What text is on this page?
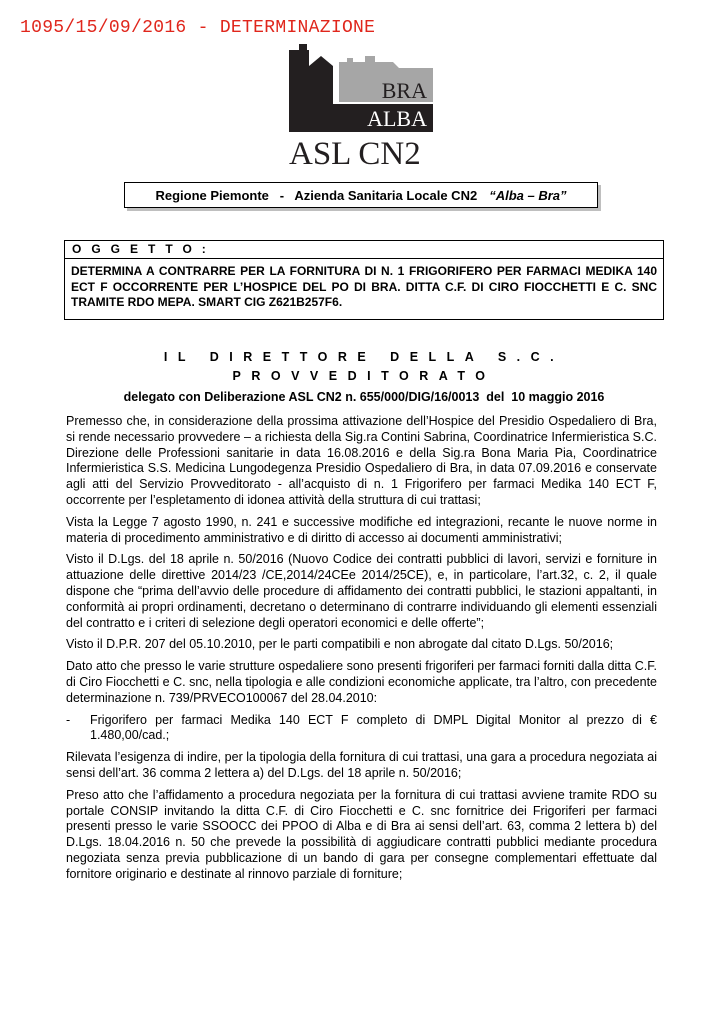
1095/15/09/2016 - DETERMINAZIONE
BRA
ALBA
ASL CN2
Regione Piemonte   -   Azienda Sanitaria Locale CN2 “Alba – Bra”
OGGETTO:
DETERMINA A CONTRARRE PER LA FORNITURA DI N. 1 FRIGORIFERO PER FARMACI MEDIKA 140 ECT F OCCORRENTE PER L’HOSPICE DEL PO DI BRA. DITTA C.F. DI CIRO FIOCCHETTI E C. SNC TRAMITE RDO MEPA. SMART CIG Z621B257F6.
IL DIRETTORE DELLA S.C.
PROVVEDITORATO
delegato con Deliberazione ASL CN2 n. 655/000/DIG/16/0013  del  10 maggio 2016

Premesso che, in considerazione della prossima attivazione dell’Hospice del Presidio Ospedaliero di Bra, si rende necessario provvedere – a richiesta della Sig.ra Contini Sabrina, Coordinatrice Infermieristica S.C. Direzione delle Professioni sanitarie in data 16.08.2016 e della Sig.ra Bona Maria Pia, Coordinatrice Infermieristica S.S. Medicina Lungodegenza Presidio Ospedaliero di Bra, in data 07.09.2016 e conservate agli atti del Servizio Provveditorato - all’acquisto di n. 1 Frigorifero per farmaci Medika 140 ECT F, occorrente per l’espletamento di idonea attività della struttura di cui trattasi;

Vista la Legge 7 agosto 1990, n. 241 e successive modifiche ed integrazioni, recante le nuove norme in materia di procedimento amministrativo e di diritto di accesso ai documenti amministrativi;

Visto il D.Lgs. del 18 aprile n. 50/2016 (Nuovo Codice dei contratti pubblici di lavori, servizi e forniture in attuazione delle direttive 2014/23 /CE,2014/24CEe 2014/25CE), e, in particolare, l’art.32, c. 2, il quale dispone che “prima dell’avvio delle procedure di affidamento dei contratti pubblici, le stazioni appaltanti, in conformità ai propri ordinamenti, decretano o determinano di contrarre individuando gli elementi essenziali del contratto e i criteri di selezione degli operatori economici e delle offerte”;

Visto il D.P.R. 207 del 05.10.2010, per le parti compatibili e non abrogate dal citato D.Lgs. 50/2016;

Dato atto che presso le varie strutture ospedaliere sono presenti frigoriferi per farmaci forniti dalla ditta C.F. di Ciro Fiocchetti e C. snc, nella tipologia e alle condizioni economiche applicate, tra l’altro, con precedente determinazione n. 739/PRVECO100067 del 28.04.2010:

-	Frigorifero per farmaci Medika 140 ECT F completo di DMPL Digital Monitor al prezzo di € 1.480,00/cad.;

Rilevata l’esigenza di indire, per la tipologia della fornitura di cui trattasi, una gara a procedura negoziata ai sensi dell’art. 36 comma 2 lettera a) del D.Lgs. del 18 aprile n. 50/2016;

Preso atto che l’affidamento a procedura negoziata per la fornitura di cui trattasi avviene tramite RDO su portale CONSIP invitando la ditta C.F. di Ciro Fiocchetti e C. snc fornitrice dei Frigoriferi per farmaci presenti presso le varie SSOOCC dei PPOO di Alba e di Bra ai sensi dell’art. 63, comma 2 lettera b) del D.Lgs. 18.04.2016 n. 50 che prevede la possibilità di aggiudicare contratti pubblici mediante procedura negoziata senza previa pubblicazione di un bando di gara per consegne complementari effettuate dal fornitore originario e destinate al rinnovo parziale di forniture;
